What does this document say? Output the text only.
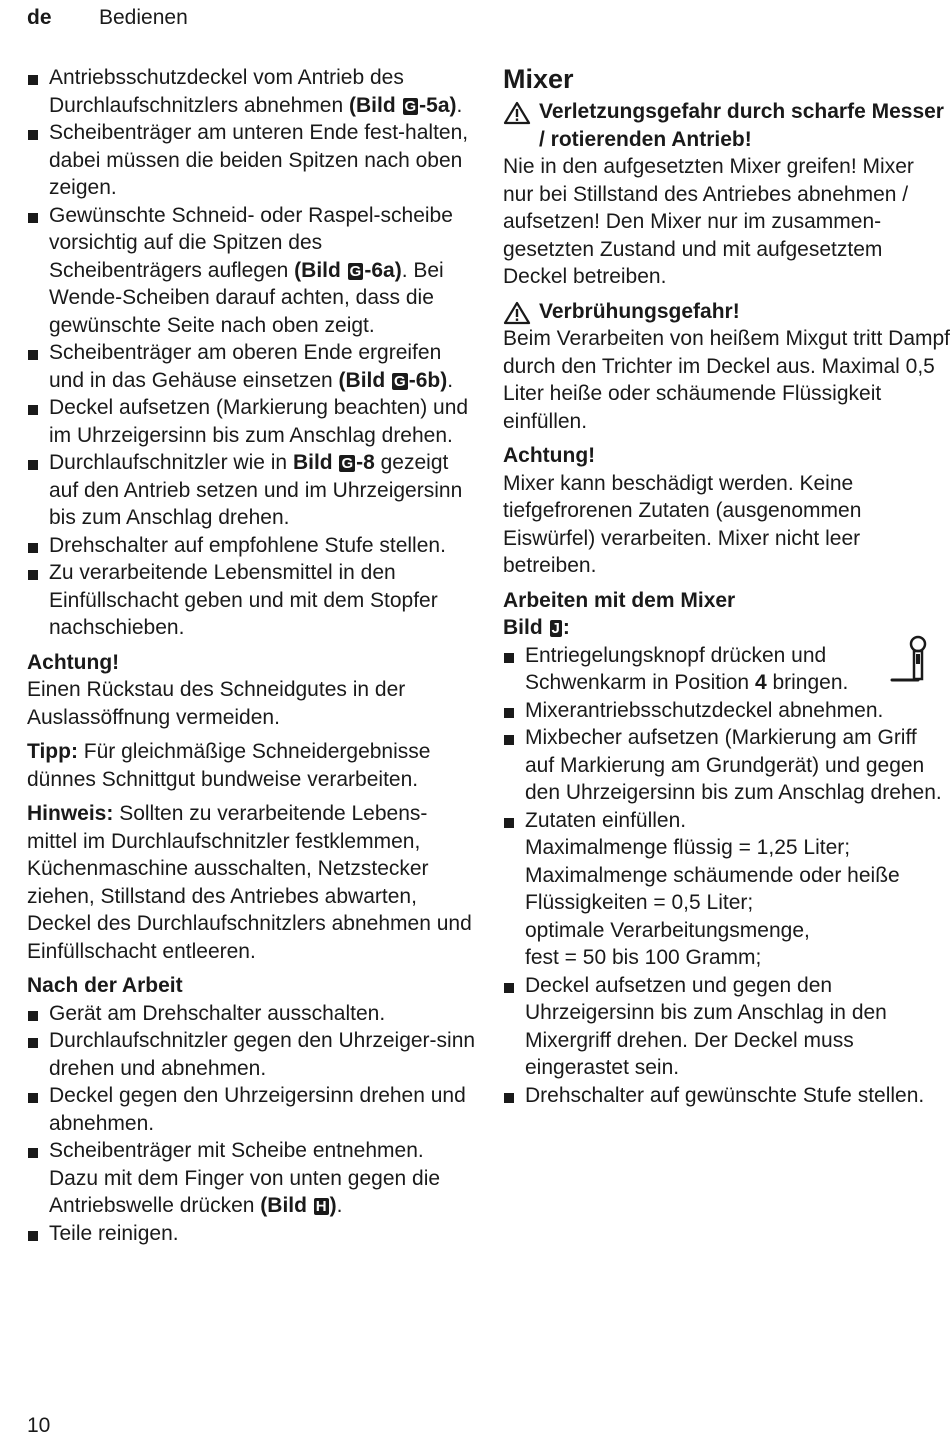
de Bedienen
Antriebsschutzdeckel vom Antrieb des Durchlaufschnitzlers abnehmen (Bild G -5a).
Scheibenträger am unteren Ende fest-halten, dabei müssen die beiden Spitzen nach oben zeigen.
Gewünschte Schneid- oder Raspel-scheibe vorsichtig auf die Spitzen des Scheibenträgers auflegen (Bild G -6a). Bei Wende-Scheiben darauf achten, dass die gewünschte Seite nach oben zeigt.
Scheibenträger am oberen Ende ergreifen und in das Gehäuse einsetzen (Bild G -6b).
Deckel aufsetzen (Markierung beachten) und im Uhrzeigersinn bis zum Anschlag drehen.
Durchlaufschnitzler wie in Bild G -8 gezeigt auf den Antrieb setzen und im Uhrzeigersinn bis zum Anschlag drehen.
Drehschalter auf empfohlene Stufe stellen.
Zu verarbeitende Lebensmittel in den Einfüllschacht geben und mit dem Stopfer nachschieben.
Achtung!
Einen Rückstau des Schneidgutes in der Auslassöffnung vermeiden.
Tipp: Für gleichmäßige Schneidergebnisse dünnes Schnittgut bundweise verarbeiten.
Hinweis: Sollten zu verarbeitende Lebens-mittel im Durchlaufschnitzler festklemmen, Küchenmaschine ausschalten, Netzstecker ziehen, Stillstand des Antriebes abwarten, Deckel des Durchlaufschnitzlers abnehmen und Einfüllschacht entleeren.
Nach der Arbeit
Gerät am Drehschalter ausschalten.
Durchlaufschnitzler gegen den Uhrzeiger-sinn drehen und abnehmen.
Deckel gegen den Uhrzeigersinn drehen und abnehmen.
Scheibenträger mit Scheibe entnehmen. Dazu mit dem Finger von unten gegen die Antriebswelle drücken (Bild H ).
Teile reinigen.
Mixer
Verletzungsgefahr durch scharfe Messer / rotierenden Antrieb!
Nie in den aufgesetzten Mixer greifen! Mixer nur bei Stillstand des Antriebes abnehmen / aufsetzen! Den Mixer nur im zusammen-gesetzten Zustand und mit aufgesetztem Deckel betreiben.
Verbrühungsgefahr!
Beim Verarbeiten von heißem Mixgut tritt Dampf durch den Trichter im Deckel aus. Maximal 0,5 Liter heiße oder schäumende Flüssigkeit einfüllen.
Achtung!
Mixer kann beschädigt werden. Keine tiefgefrorenen Zutaten (ausgenommen Eiswürfel) verarbeiten. Mixer nicht leer betreiben.
Arbeiten mit dem Mixer
Bild J :
Entriegelungsknopf drücken und Schwenkarm in Position 4 bringen.
Mixerantriebsschutzdeckel abnehmen.
Mixbecher aufsetzen (Markierung am Griff auf Markierung am Grundgerät) und gegen den Uhrzeigersinn bis zum Anschlag drehen.
Zutaten einfüllen.
Maximalmenge flüssig = 1,25 Liter;
Maximalmenge schäumende oder heiße Flüssigkeiten = 0,5 Liter;
optimale Verarbeitungsmenge,
fest = 50 bis 100 Gramm;
Deckel aufsetzen und gegen den Uhrzeigersinn bis zum Anschlag in den Mixergriff drehen. Der Deckel muss eingerastet sein.
Drehschalter auf gewünschte Stufe stellen.
10
